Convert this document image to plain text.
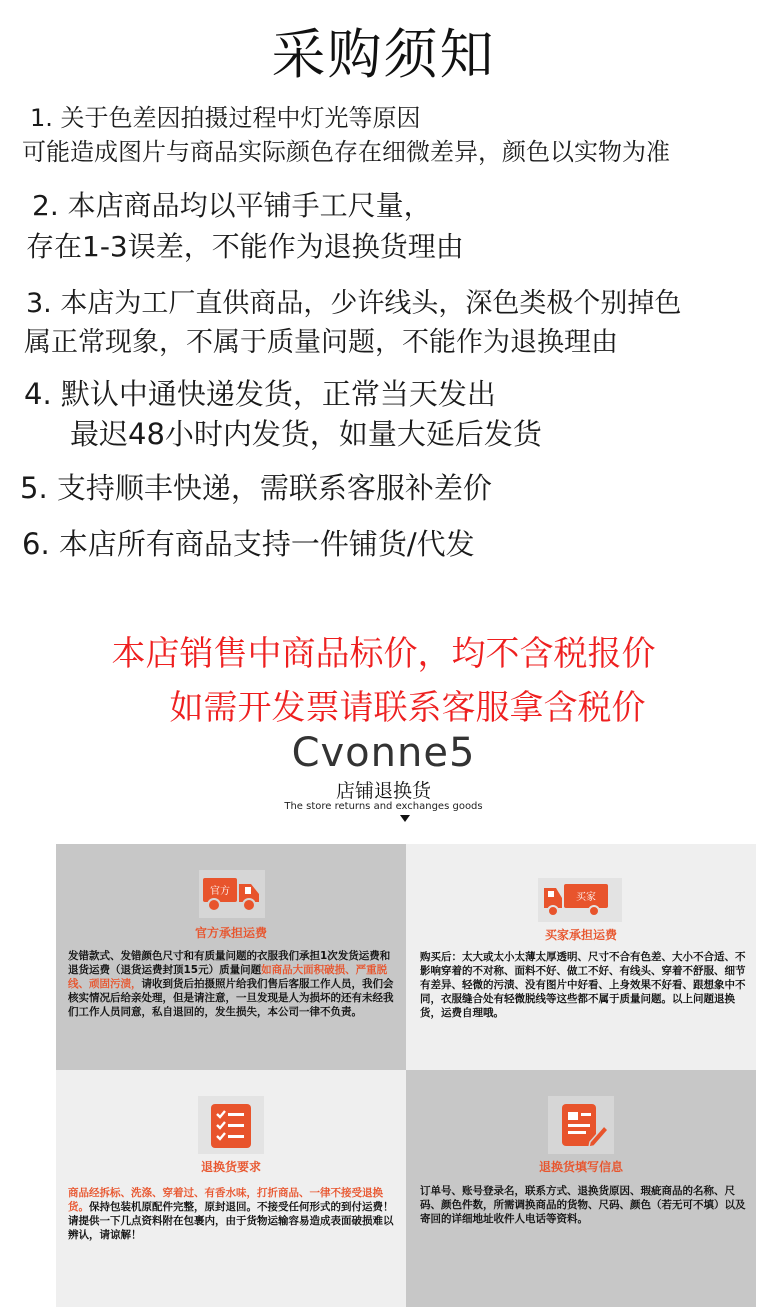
采购须知
1. 关于色差因拍摄过程中灯光等原因
可能造成图片与商品实际颜色存在细微差异，颜色以实物为准
2. 本店商品均以平铺手工尺量，
存在1-3误差，不能作为退换货理由
3. 本店为工厂直供商品，少许线头，深色类极个别掉色
属正常现象，不属于质量问题，不能作为退换理由
4. 默认中通快递发货，正常当天发出
最迟48小时内发货，如量大延后发货
5. 支持顺丰快递，需联系客服补差价
6. 本店所有商品支持一件铺货/代发
本店销售中商品标价，均不含税报价
如需开发票请联系客服拿含税价
Cvonne5
店铺退换货
The store returns and exchanges goods
官方
官方承担运费
发错款式、发错颜色尺寸和有质量问题的衣服我们承担1次发货运费和退货运费（退货运费封顶15元）质量问题如商品大面积破损、严重脱线、顽固污渍，请收到货后拍摄照片给我们售后客服工作人员，我们会核实情况后给亲处理，但是请注意，一旦发现是人为损坏的还有未经我们工作人员同意，私自退回的，发生损失，本公司一律不负责。
买家
买家承担运费
购买后：太大或太小太薄太厚透明、尺寸不合有色差、大小不合适、不影响穿着的不对称、面料不好、做工不好、有线头、穿着不舒服、细节有差异、轻微的污渍、没有图片中好看、上身效果不好看、跟想象中不同，衣服缝合处有轻微脱线等这些都不属于质量问题。以上问题退换货，运费自理哦。
退换货要求
商品经拆标、洗涤、穿着过、有香水味，打折商品、一律不接受退换货。保持包装机原配件完整，原封退回。不接受任何形式的到付运费！请提供一下几点资料附在包裹内，由于货物运输容易造成表面破损难以辨认，请谅解！
退换货填写信息
订单号、账号登录名，联系方式、退换货原因、瑕疵商品的名称、尺码、颜色件数，所需调换商品的货物、尺码、颜色（若无可不填）以及寄回的详细地址收件人电话等资料。
